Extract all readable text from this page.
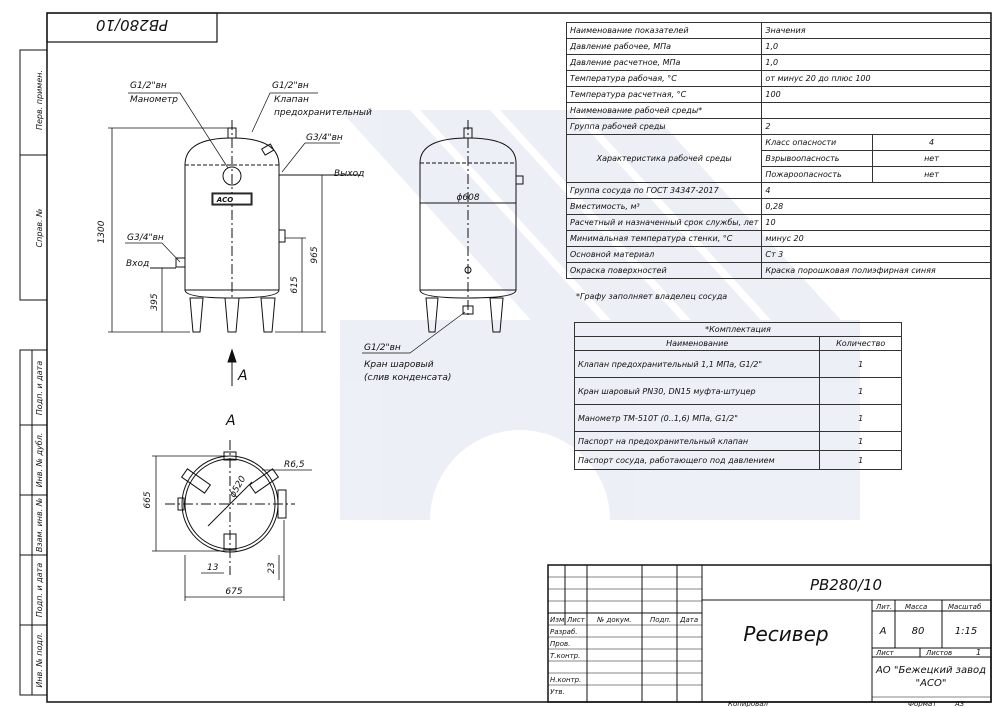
Перв. примен.
Справ. №
Подп. и дата
Инв. № дубл.
Взам. инв. №
Подп. и дата
Инв. № подл.
PB280/10
АСО
1300
395
965
615
G1/2"вн
Манометр
G1/2"вн
Клапан
предохранительный
G3/4"вн
Выход
G3/4"вн
Вход
ϕ608
G1/2"вн
Кран шаровый
(слив конденсата)
A
A
665
675
13	23
R6,5
ϕ520
Изм. Лист № докум.	Подп. Дата
Разраб.
Пров.
Т.контр.
Н.контр.
Утв.
Лит. Масса	Масштаб
Лист	Листов
Копировал	Формат	А3
РВ280/10
Ресивер	А	80	1:15
1
АО "Бежецкий завод
"АСО"
Наименование показателей	Значения	
Давление рабочее, МПа	1,0	
Давление расчетное, МПа	1,0	
Температура рабочая, °С	от минус 20 до плюс 100	
Температура расчетная, °С	100	
Наименование рабочей среды*		
Группа рабочей среды	2	
Характеристика рабочей среды	Класс опасности	4
	Взрывоопасность	нет
	Пожароопасность	нет
Группа сосуда по ГОСТ 34347-2017	4	
Вместимость, м³	0,28	
Расчетный и назначенный срок службы, лет	10	
Минимальная температура стенки, °С	минус 20	
Основной материал	Ст 3	
Окраска поверхностей	Краска порошковая полиэфирная синяя	
*Графу заполняет владелец сосуда
*Комплектация	
Наименование	Количество
Клапан предохранительный 1,1 МПа, G1/2"	1
Кран шаровый PN30, DN15 муфта-штуцер	1
Манометр ТМ-510Т (0..1,6) МПа, G1/2"	1
Паспорт на предохранительный клапан	1
Паспорт сосуда, работающего под давлением	1
